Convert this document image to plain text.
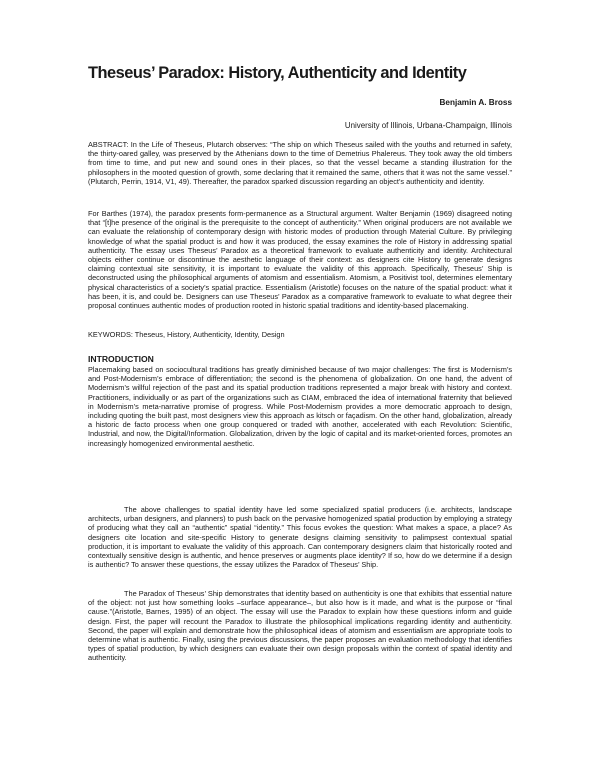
Theseus’ Paradox: History, Authenticity and Identity

Benjamin A. Bross

University of Illinois, Urbana-Champaign, Illinois

ABSTRACT: In the Life of Theseus, Plutarch observes: “The ship on which Theseus sailed with the youths and returned in safety, the thirty-oared galley, was preserved by the Athenians down to the time of Demetrius Phalereus. They took away the old timbers from time to time, and put new and sound ones in their places, so that the vessel became a standing illustration for the philosophers in the mooted question of growth, some declaring that it remained the same, others that it was not the same vessel.” (Plutarch, Perrin, 1914, V1, 49). Thereafter, the paradox sparked discussion regarding an object’s authenticity and identity.

For Barthes (1974), the paradox presents form-permanence as a Structural argument. Walter Benjamin (1969) disagreed noting that “[t]he presence of the original is the prerequisite to the concept of authenticity.” When original producers are not available we can evaluate the relationship of contemporary design with historic modes of production through Material Culture. By privileging knowledge of what the spatial product is and how it was produced, the essay examines the role of History in addressing spatial authenticity. The essay uses Theseus’ Paradox as a theoretical framework to evaluate authenticity and identity. Architectural objects either continue or discontinue the aesthetic language of their context: as designers cite History to generate designs claiming contextual site sensitivity, it is important to evaluate the validity of this approach. Specifically, Theseus’ Ship is deconstructed using the philosophical arguments of atomism and essentialism. Atomism, a Positivist tool, determines elementary physical characteristics of a society’s spatial practice. Essentialism (Aristotle) focuses on the nature of the spatial product: what it has been, it is, and could be. Designers can use Theseus’ Paradox as a comparative framework to evaluate to what degree their proposal continues authentic modes of production rooted in historic spatial traditions and identity-based placemaking.

KEYWORDS: Theseus, History, Authenticity, Identity, Design

INTRODUCTION

Placemaking based on sociocultural traditions has greatly diminished because of two major challenges: The first is Modernism’s and Post-Modernism’s embrace of differentiation; the second is the phenomena of globalization. On one hand, the advent of Modernism’s willful rejection of the past and its spatial production traditions represented a major break with history and context. Practitioners, individually or as part of the organizations such as CIAM, embraced the idea of international fraternity that believed in Modernism’s meta-narrative promise of progress. While Post-Modernism provides a more democratic approach to design, including quoting the built past, most designers view this approach as kitsch or façadism. On the other hand, globalization, already a historic de facto process when one group conquered or traded with another, accelerated with each Revolution: Scientific, Industrial, and now, the Digital/Information. Globalization, driven by the logic of capital and its market-oriented forces, promotes an increasingly homogenized environmental aesthetic.

The above challenges to spatial identity have led some specialized spatial producers (i.e. architects, landscape architects, urban designers, and planners) to push back on the pervasive homogenized spatial production by employing a strategy of producing what they call an “authentic” spatial “identity.” This focus evokes the question: What makes a space, a place? As designers cite location and site-specific History to generate designs claiming sensitivity to palimpsest contextual spatial production, it is important to evaluate the validity of this approach. Can contemporary designers claim that historically rooted and contextually sensitive design is authentic, and hence preserves or augments place identity? If so, how do we determine if a design is authentic? To answer these questions, the essay utilizes the Paradox of Theseus’ Ship.

The Paradox of Theseus’ Ship demonstrates that identity based on authenticity is one that exhibits that essential nature of the object: not just how something looks –surface appearance–, but also how is it made, and what is the purpose or “final cause.”(Aristotle, Barnes, 1995) of an object. The essay will use the Paradox to explain how these questions inform and guide design. First, the paper will recount the Paradox to illustrate the philosophical implications regarding identity and authenticity. Second, the paper will explain and demonstrate how the philosophical ideas of atomism and essentialism are appropriate tools to determine what is authentic. Finally, using the previous discussions, the paper proposes an evaluation methodology that identifies types of spatial production, by which designers can evaluate their own design proposals within the context of spatial identity and authenticity.
